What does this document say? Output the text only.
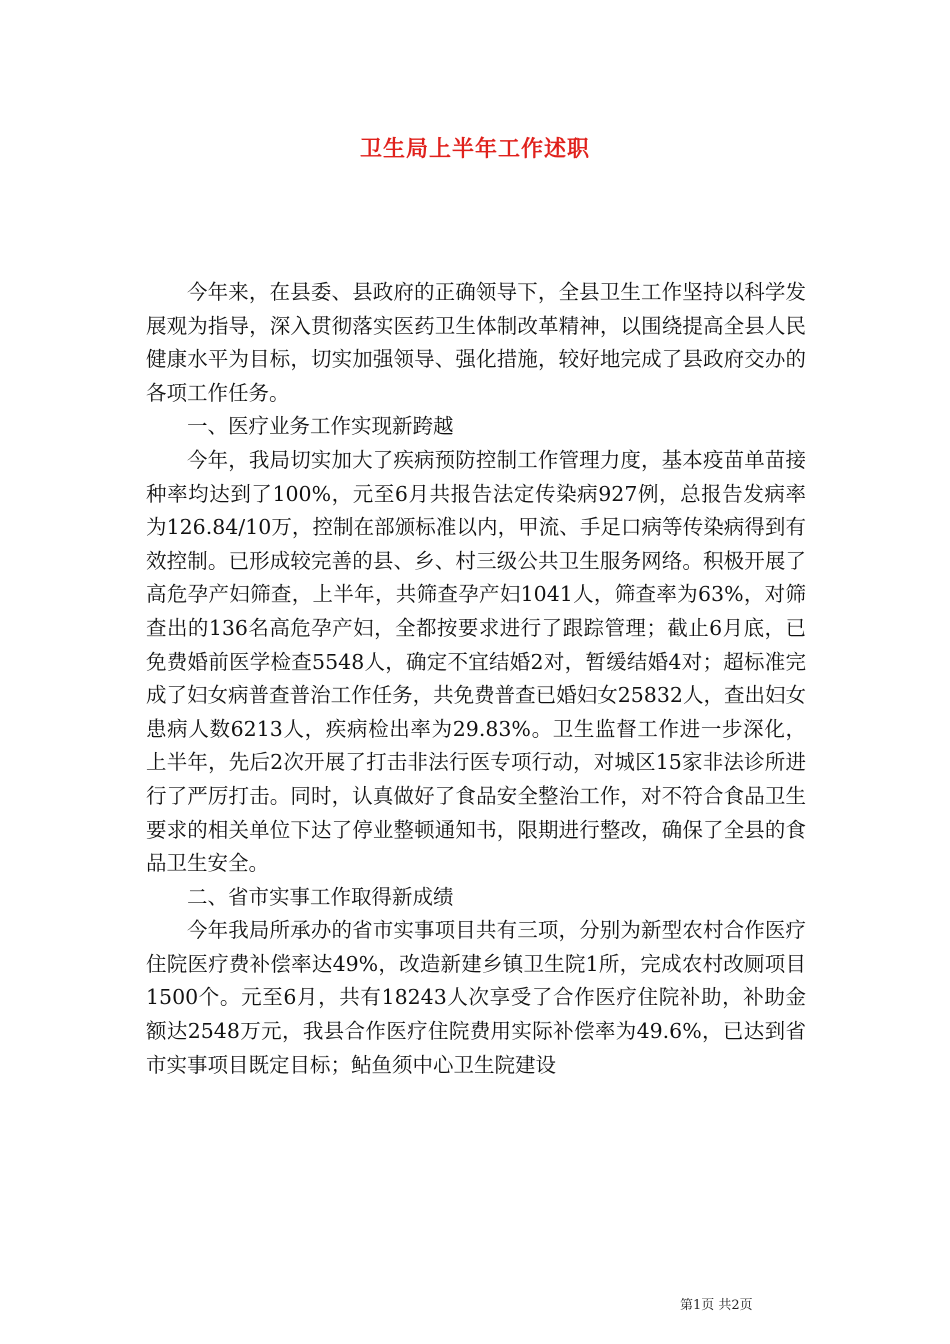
卫生局上半年工作述职

今年来，在县委、县政府的正确领导下，全县卫生工作坚持以科学发展观为指导，深入贯彻落实医药卫生体制改革精神，以围绕提高全县人民健康水平为目标，切实加强领导、强化措施，较好地完成了县政府交办的各项工作任务。

一、医疗业务工作实现新跨越

今年，我局切实加大了疾病预防控制工作管理力度，基本疫苗单苗接种率均达到了100%，元至6月共报告法定传染病927例，总报告发病率为126.84/10万，控制在部颁标准以内，甲流、手足口病等传染病得到有效控制。已形成较完善的县、乡、村三级公共卫生服务网络。积极开展了高危孕产妇筛查，上半年，共筛查孕产妇1041人，筛查率为63%，对筛查出的136名高危孕产妇，全都按要求进行了跟踪管理；截止6月底，已免费婚前医学检查5548人，确定不宜结婚2对，暂缓结婚4对；超标准完成了妇女病普查普治工作任务，共免费普查已婚妇女25832人，查出妇女患病人数6213人，疾病检出率为29.83%。卫生监督工作进一步深化，上半年，先后2次开展了打击非法行医专项行动，对城区15家非法诊所进行了严厉打击。同时，认真做好了食品安全整治工作，对不符合食品卫生要求的相关单位下达了停业整顿通知书，限期进行整改，确保了全县的食品卫生安全。

二、省市实事工作取得新成绩

今年我局所承办的省市实事项目共有三项，分别为新型农村合作医疗住院医疗费补偿率达49%，改造新建乡镇卫生院1所，完成农村改厕项目1500个。元至6月，共有18243人次享受了合作医疗住院补助，补助金额达2548万元，我县合作医疗住院费用实际补偿率为49.6%，已达到省市实事项目既定目标；鲇鱼须中心卫生院建设

第1页 共2页
